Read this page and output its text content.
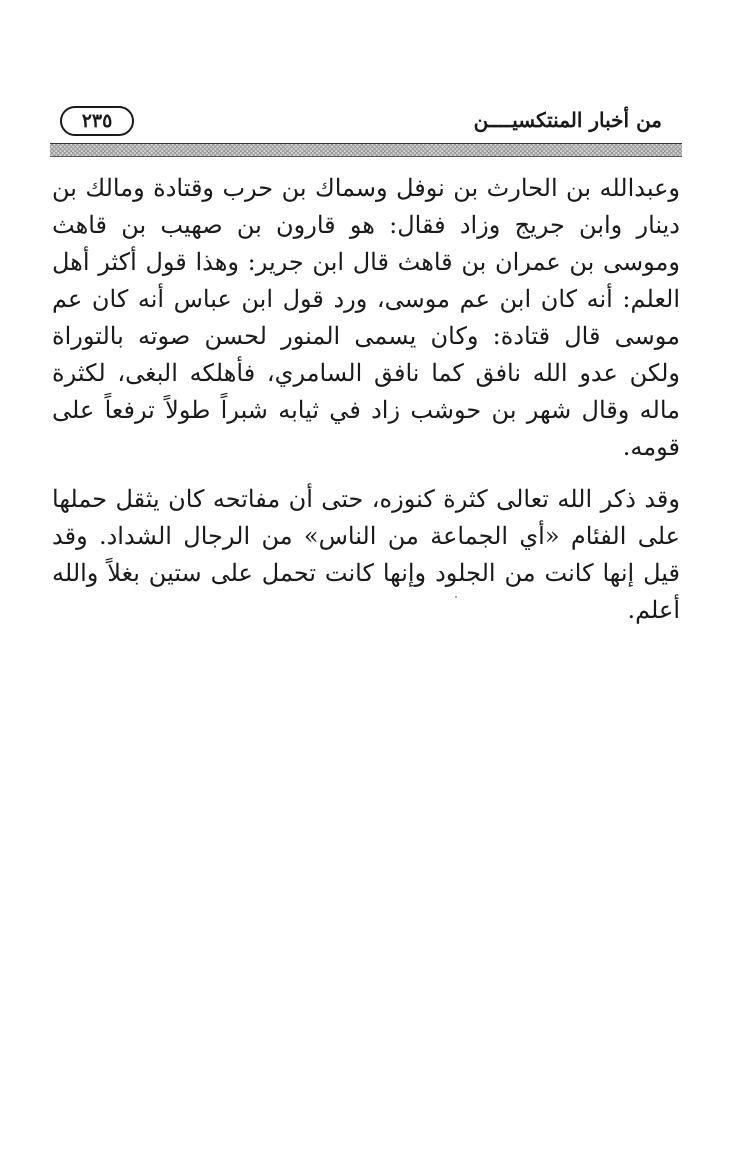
٢٣٥	من أخبار المنتكسيــــن

وعبدالله بن الحارث بن نوفل وسماك بن حرب وقتادة ومالك بن دينار وابن جريج وزاد فقال: هو قارون بن صهيب بن قاهث وموسى بن عمران بن قاهث قال ابن جرير: وهذا قول أكثر أهل العلم: أنه كان ابن عم موسى، ورد قول ابن عباس أنه كان عم موسى قال قتادة: وكان يسمى المنور لحسن صوته بالتوراة ولكن عدو الله نافق كما نافق السامري، فأهلكه البغى، لكثرة ماله وقال شهر بن حوشب زاد في ثيابه شبراً طولاً ترفعاً على قومه.

وقد ذكر الله تعالى كثرة كنوزه، حتى أن مفاتحه كان يثقل حملها على الفئام «أي الجماعة من الناس» من الرجال الشداد. وقد قيل إنها كانت من الجلود وإنها كانت تحمل على ستين بغلاً والله أعلم.
